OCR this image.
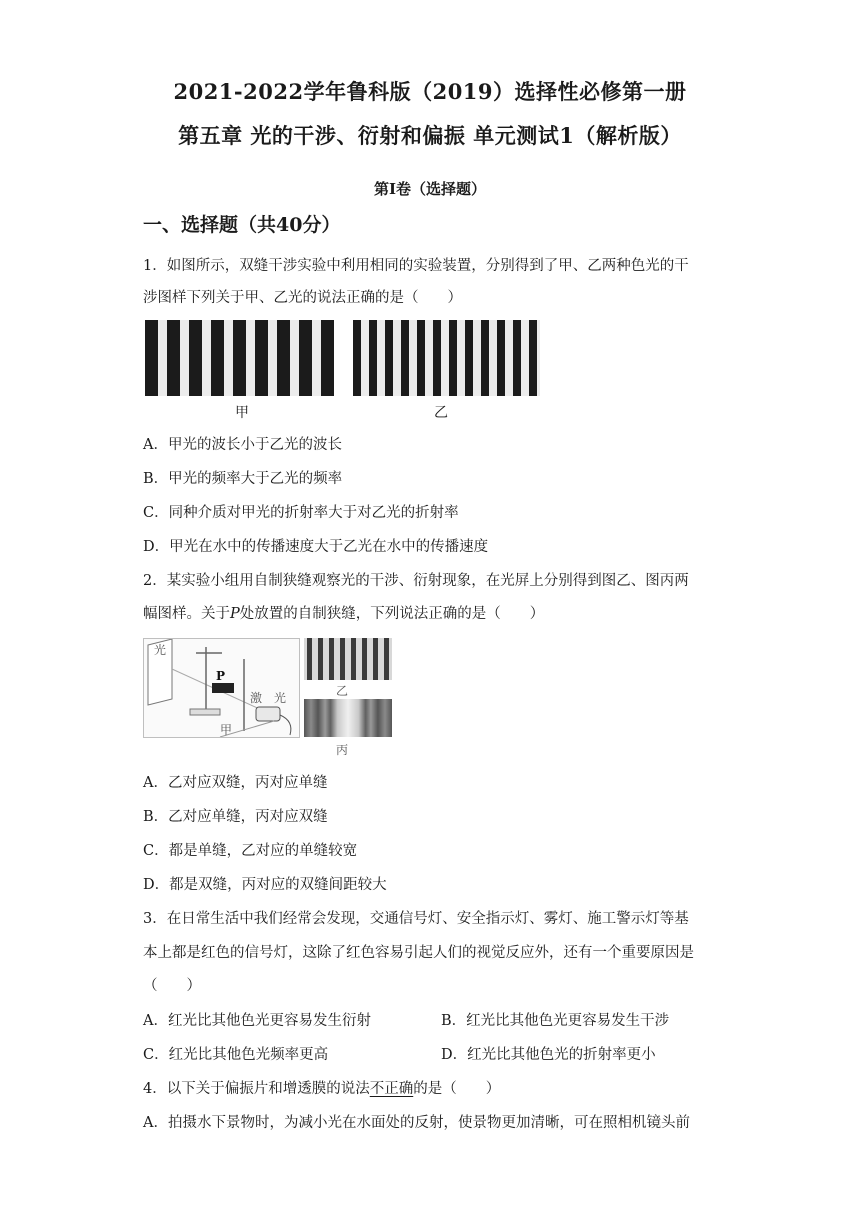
2021-2022学年鲁科版（2019）选择性必修第一册
第五章 光的干涉、衍射和偏振 单元测试1（解析版）
第Ⅰ卷（选择题）
一、选择题（共40分）
1．如图所示，双缝干涉实验中利用相同的实验装置，分别得到了甲、乙两种色光的干
涉图样下列关于甲、乙光的说法正确的是（　　）
甲	乙
A．甲光的波长小于乙光的波长
B．甲光的频率大于乙光的频率
C．同种介质对甲光的折射率大于对乙光的折射率
D．甲光在水中的传播速度大于乙光在水中的传播速度
2．某实验小组用自制狭缝观察光的干涉、衍射现象，在光屏上分别得到图乙、图丙两
幅图样。关于P处放置的自制狭缝，下列说法正确的是（　　）
光
P
激 光
甲
乙
丙
A．乙对应双缝，丙对应单缝
B．乙对应单缝，丙对应双缝
C．都是单缝，乙对应的单缝较宽
D．都是双缝，丙对应的双缝间距较大
3．在日常生活中我们经常会发现，交通信号灯、安全指示灯、雾灯、施工警示灯等基
本上都是红色的信号灯，这除了红色容易引起人们的视觉反应外，还有一个重要原因是
（　　）
A．红光比其他色光更容易发生衍射	B．红光比其他色光更容易发生干涉
C．红光比其他色光频率更高	D．红光比其他色光的折射率更小
4．以下关于偏振片和增透膜的说法不正确的是（　　）
A．拍摄水下景物时，为减小光在水面处的反射，使景物更加清晰，可在照相机镜头前
